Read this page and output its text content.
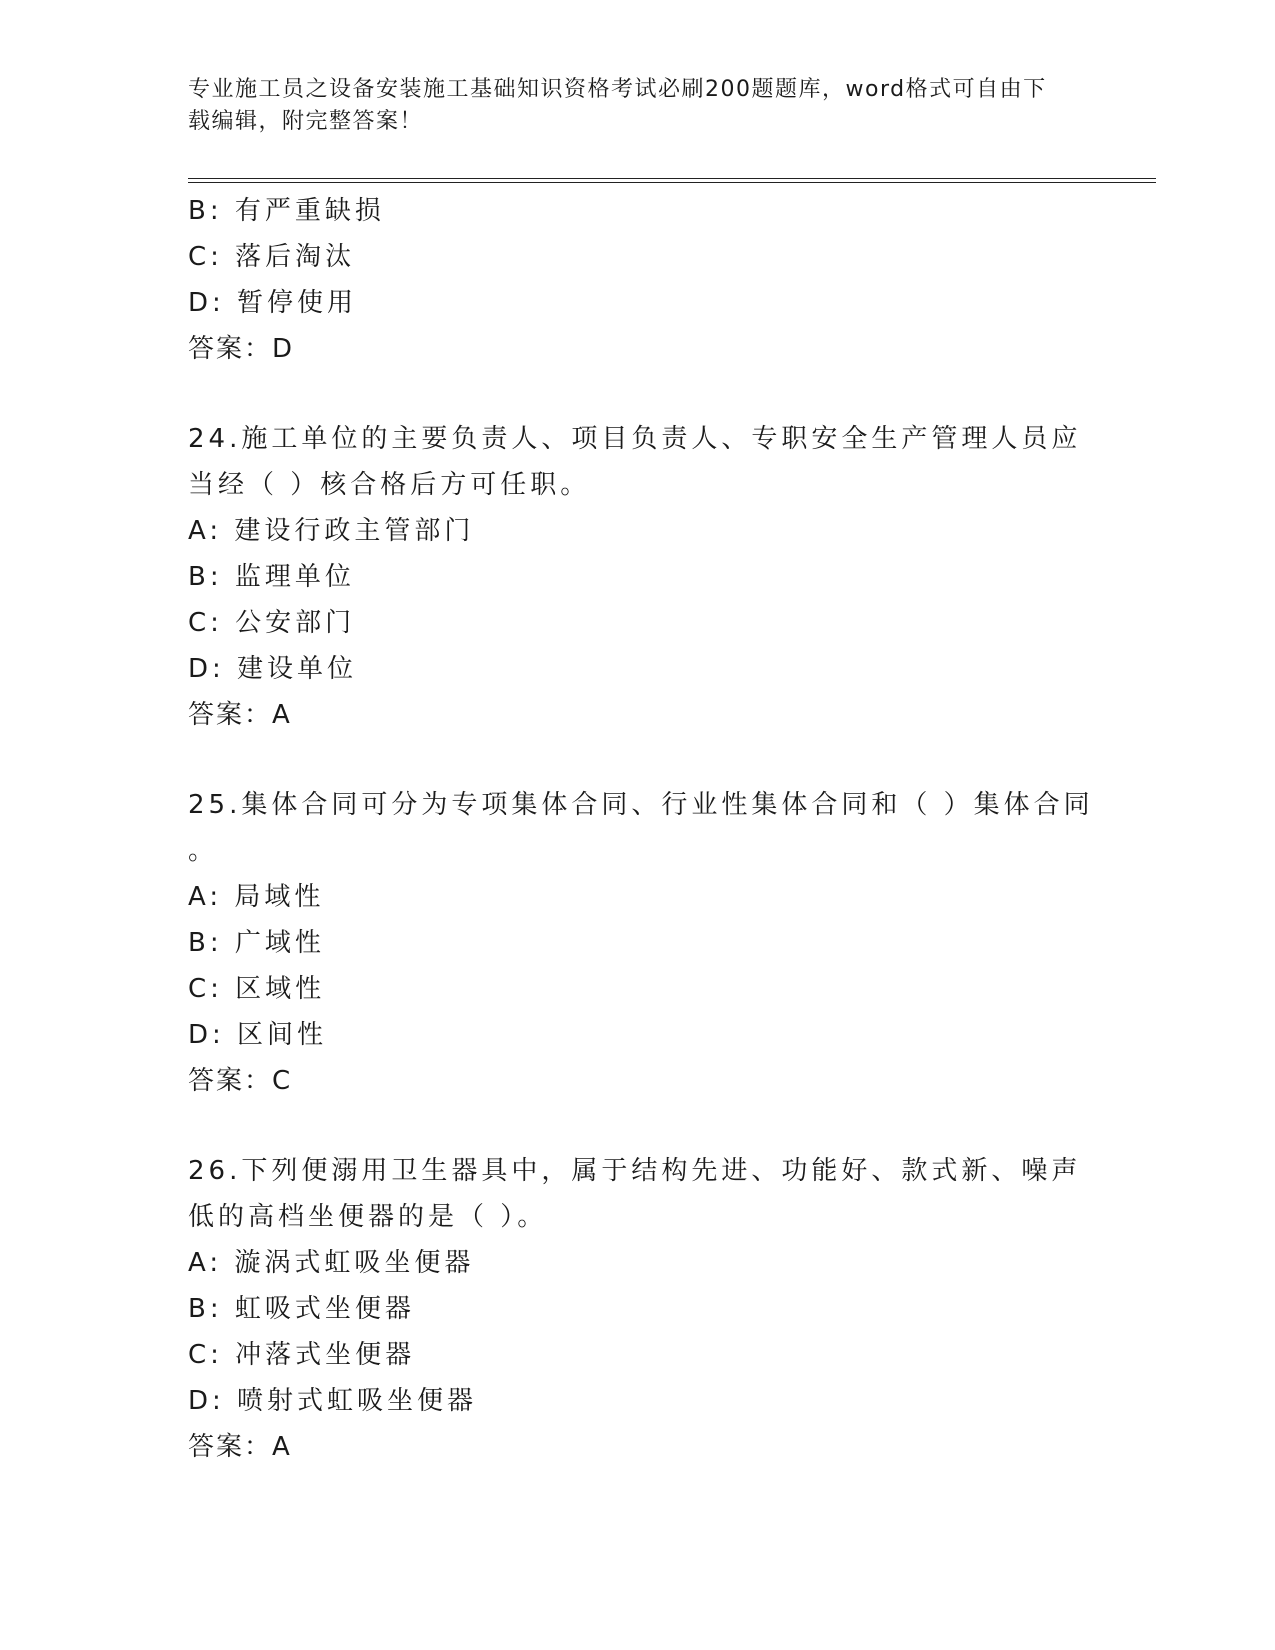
专业施工员之设备安装施工基础知识资格考试必刷200题题库，word格式可自由下载编辑，附完整答案！
B: 有严重缺损
C: 落后淘汰
D: 暂停使用
答案：D
24.施工单位的主要负责人、项目负责人、专职安全生产管理人员应当经（ ）核合格后方可任职。
A: 建设行政主管部门
B: 监理单位
C: 公安部门
D: 建设单位
答案：A
25.集体合同可分为专项集体合同、行业性集体合同和（ ）集体合同
。
A: 局域性
B: 广域性
C: 区域性
D: 区间性
答案：C
26.下列便溺用卫生器具中，属于结构先进、功能好、款式新、噪声低的高档坐便器的是（ ）。
A: 漩涡式虹吸坐便器
B: 虹吸式坐便器
C: 冲落式坐便器
D: 喷射式虹吸坐便器
答案：A
